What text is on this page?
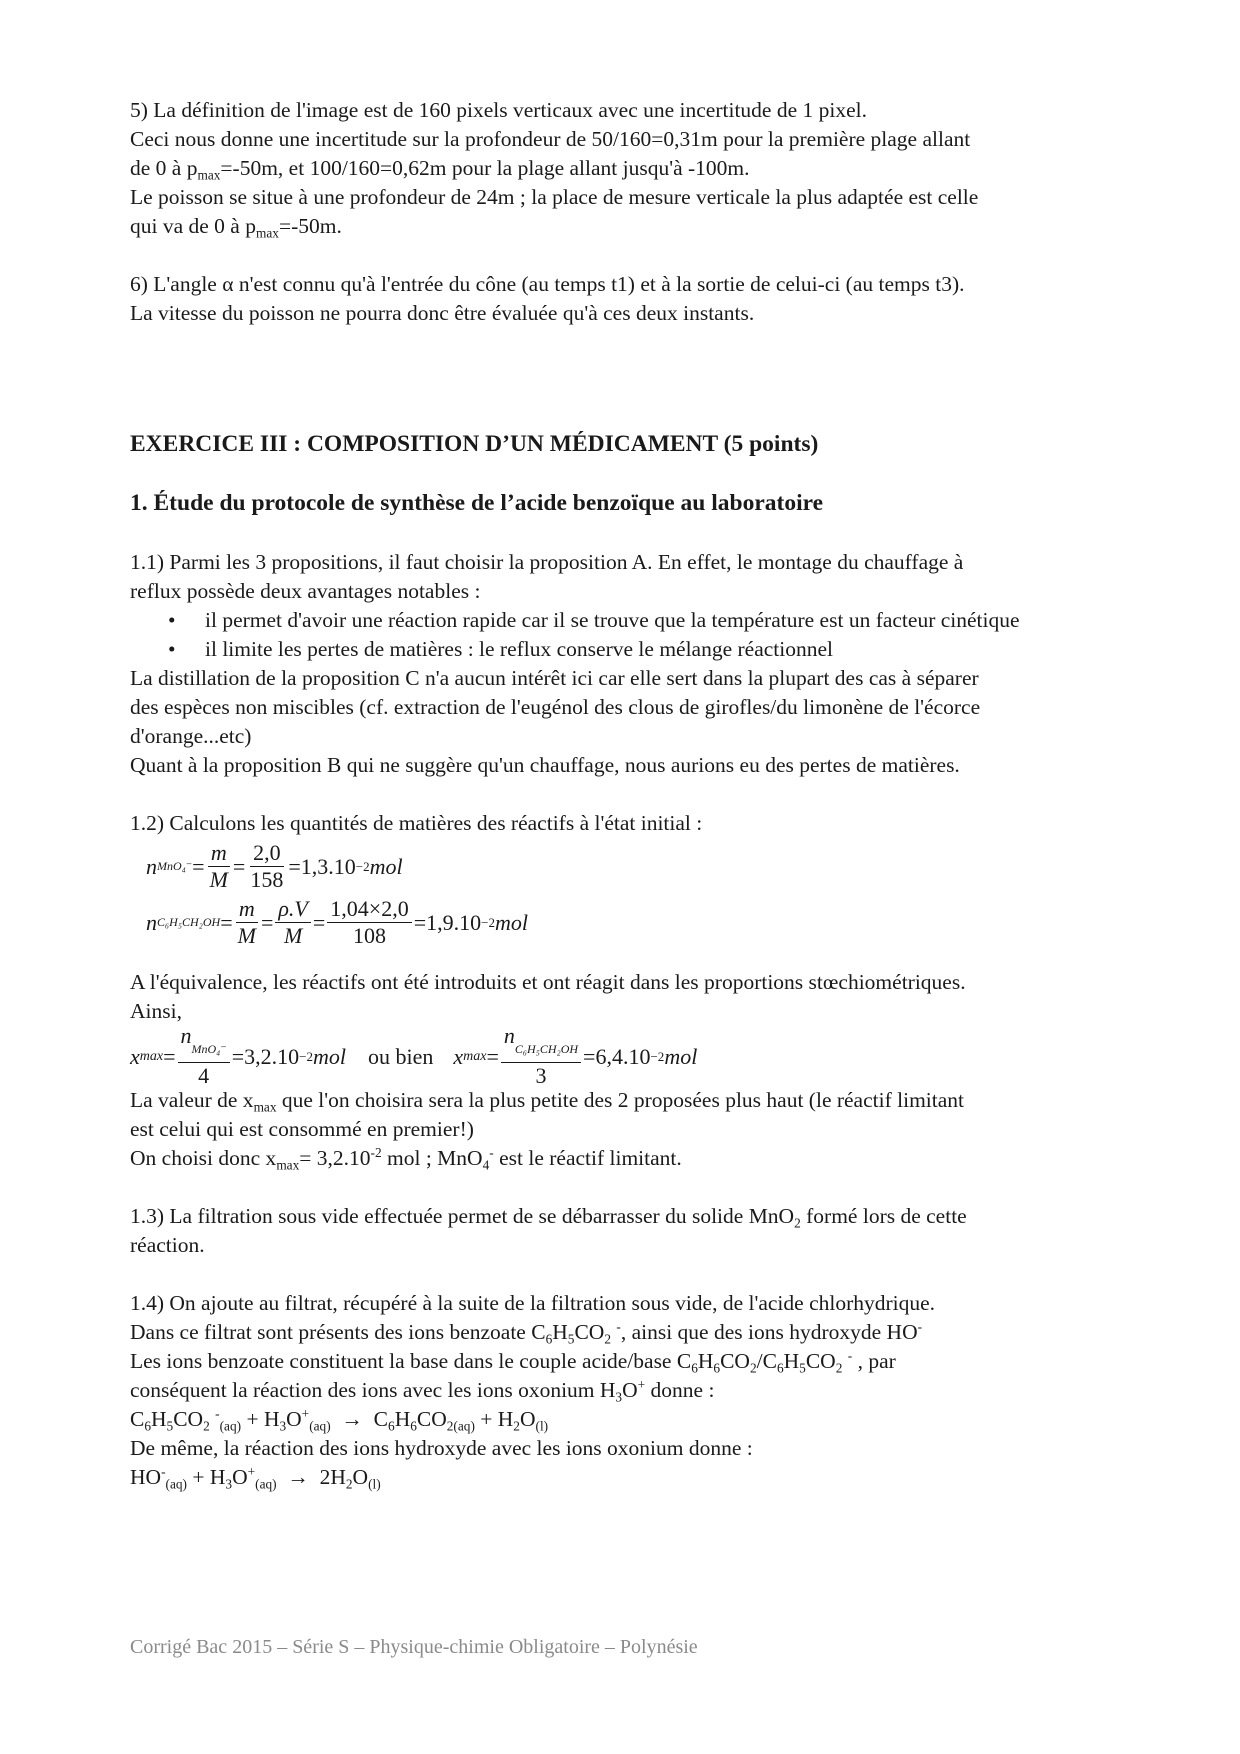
5) La définition de l'image est de 160 pixels verticaux avec une incertitude de 1 pixel.

Ceci nous donne une incertitude sur la profondeur de 50/160=0,31m pour la première plage allant

de 0 à $p_{max}=-50m$, et 100/160=0,62m pour la plage allant jusqu'à -100m.

Le poisson se situe à une profondeur de 24m ; la place de mesure verticale la plus adaptée est celle

qui va de 0 à $p_{max}=-50m$.

6) L'angle α n'est connu qu'à l'entrée du cône (au temps t1) et à la sortie de celui-ci (au temps t3).

La vitesse du poisson ne pourra donc être évaluée qu'à ces deux instants.

EXERCICE III : COMPOSITION D’UN MÉDICAMENT (5 points)

1. Étude du protocole de synthèse de l’acide benzoïque au laboratoire

1.1) Parmi les 3 propositions, il faut choisir la proposition A. En effet, le montage du chauffage à

reflux possède deux avantages notables :

• il permet d'avoir une réaction rapide car il se trouve que la température est un facteur cinétique
• il limite les pertes de matières : le reflux conserve le mélange réactionnel

La distillation de la proposition C n'a aucun intérêt ici car elle sert dans la plupart des cas à séparer

des espèces non miscibles (cf. extraction de l'eugénol des clous de girofles/du limonène de l'écorce

d'orange...etc)

Quant à la proposition B qui ne suggère qu'un chauffage, nous aurions eu des pertes de matières.

1.2) Calculons les quantités de matières des réactifs à l'état initial :

n $MnO_4^- = \frac{m}{M} = \frac{2,0}{158} =1,3.10 -2$ mol
n $C_6H_5CH_2OH = \frac{m}{M} = \frac{\rho.V}{M} = \frac{1,04\times 2,0}{108} =1,9.10 -2$ mol

A l'équivalence, les réactifs ont été introduits et ont réagit dans les proportions stœchiométriques.

Ainsi,

x $\max = \frac{n_{MnO_4^-}}{4} =3,2.10 -2$ mol ou bien x $\max = \frac{n_{C_6H_5CH_2OH}}{3} =6,4.10 -2$ mol

La valeur de $x_{max}$ que l'on choisira sera la plus petite des 2 proposées plus haut (le réactif limitant

est celui qui est consommé en premier!)

On choisi donc $x_{max}= 3,2.10^{-2}$ mol ; MnO$_4$- est le réactif limitant.

1.3) La filtration sous vide effectuée permet de se débarrasser du solide MnO$_2$ formé lors de cette

réaction.

1.4) On ajoute au filtrat, récupéré à la suite de la filtration sous vide, de l'acide chlorhydrique.

Dans ce filtrat sont présents des ions benzoate $C_6H_5CO_2$ -, ainsi que des ions hydroxyde HO-

Les ions benzoate constituent la base dans le couple acide/base $C_6H_6CO_2/C_6H_5CO_2$ - , par

conséquent la réaction des ions avec les ions oxonium $H_3O^+$ donne :

$C_6H_5CO_2$ $^-_{(aq)} + H_3O^+_{(aq)} \to C_6H_6CO_{2(aq)} + H_2O_{(l)}$

De même, la réaction des ions hydroxyde avec les ions oxonium donne :

$HO^-_{(aq)} + H_3O^+_{(aq)} \to 2H_2O_{(l)}$

Corrigé Bac 2015 – Série S – Physique-chimie Obligatoire – Polynésie
